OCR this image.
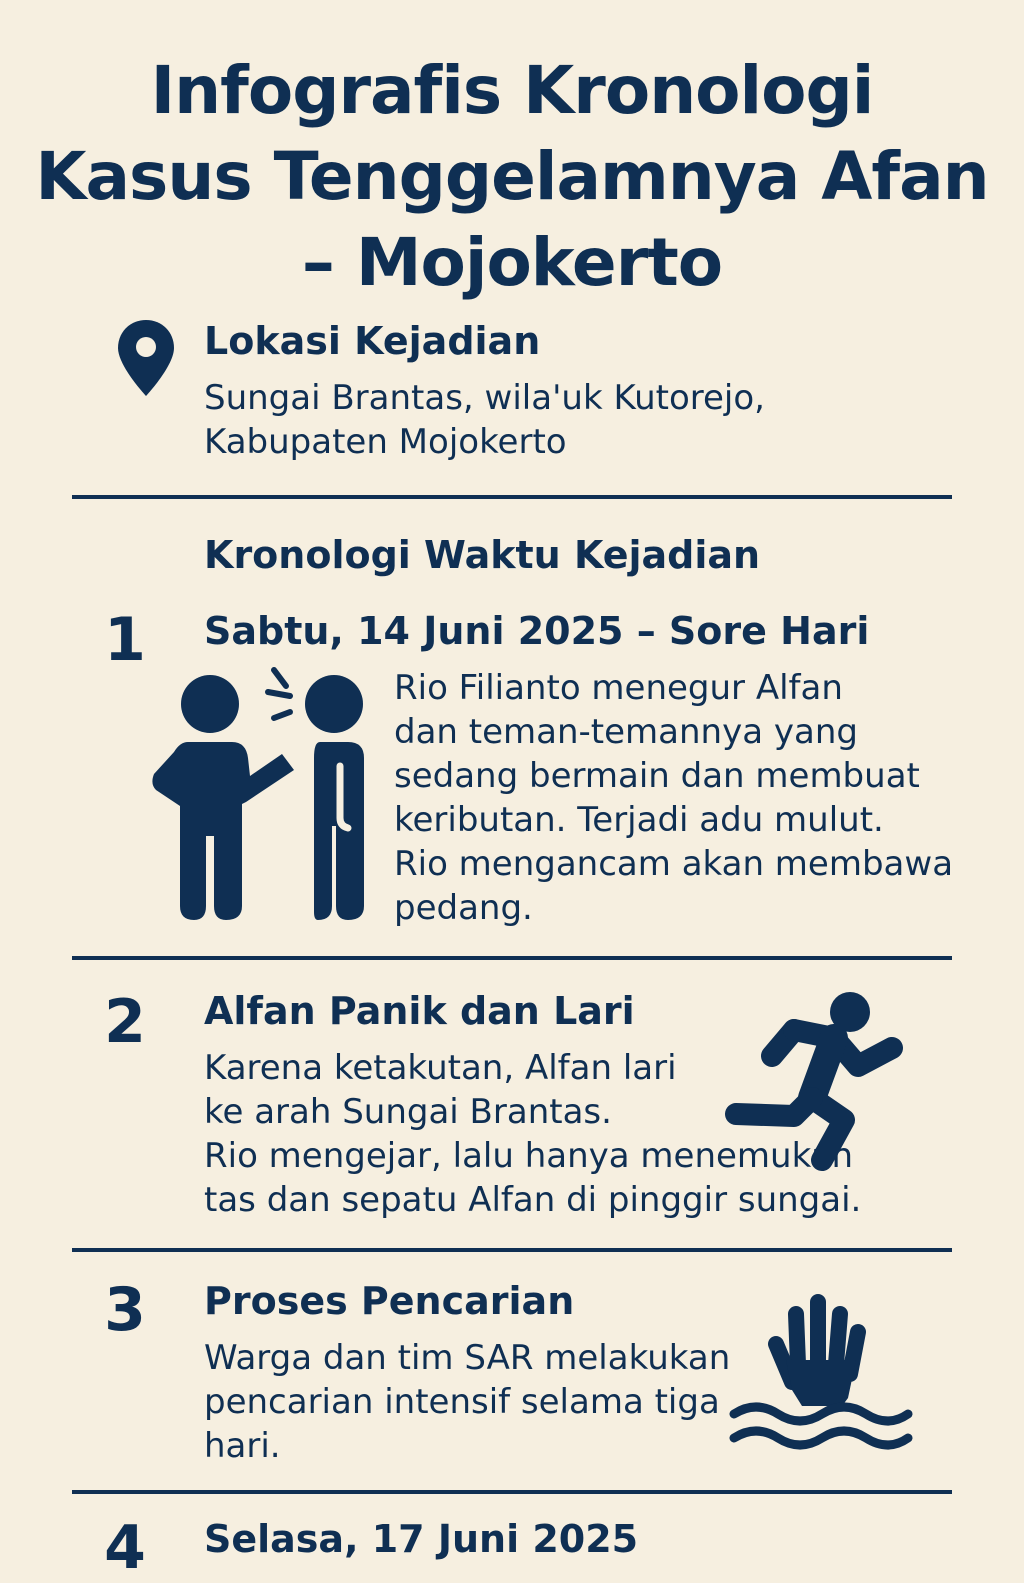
Infografis Kronologi
Kasus Tenggelamnya Afan
– Mojokerto

Lokasi Kejadian

Sungai Brantas, wila'uk Kutorejo,

Kabupaten Mojokerto

Kronologi Waktu Kejadian

1	Sabtu, 14 Juni 2025 – Sore Hari

Rio Filianto menegur Alfan

dan teman-temannya yang

sedang bermain dan membuat

keributan. Terjadi adu mulut.

Rio mengancam akan membawa

pedang.

2	Alfan Panik dan Lari

Karena ketakutan, Alfan lari

ke arah Sungai Brantas.

Rio mengejar, lalu hanya menemukan

tas dan sepatu Alfan di pinggir sungai.

3	Proses Pencarian

Warga dan tim SAR melakukan

pencarian intensif selama tiga

hari.

4	Selasa, 17 Juni 2025
